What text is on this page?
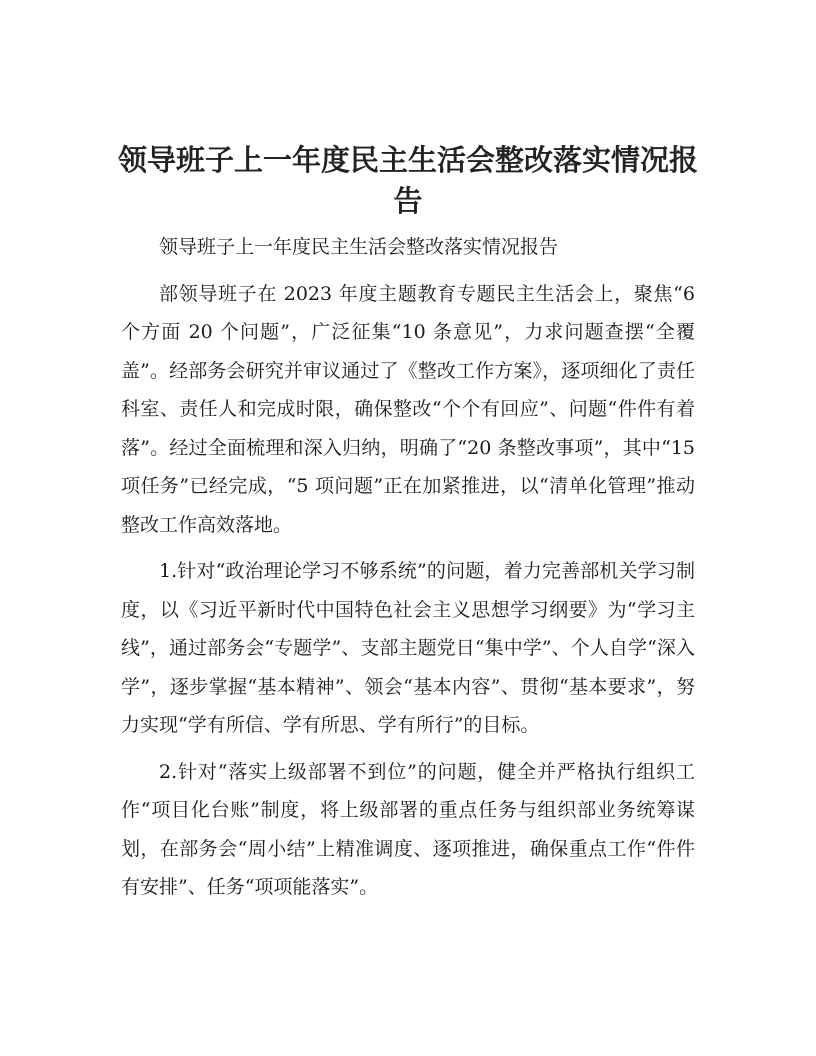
领导班子上一年度民主生活会整改落实情况报告

领导班子上一年度民主生活会整改落实情况报告

部领导班子在 2023 年度主题教育专题民主生活会上，聚焦“6 个方面 20 个问题”，广泛征集“10 条意见”，力求问题查摆“全覆盖”。经部务会研究并审议通过了《整改工作方案》，逐项细化了责任科室、责任人和完成时限，确保整改“个个有回应”、问题“件件有着落”。经过全面梳理和深入归纳，明确了“20 条整改事项”，其中“15 项任务”已经完成，“5 项问题”正在加紧推进，以“清单化管理”推动整改工作高效落地。

1.针对“政治理论学习不够系统”的问题，着力完善部机关学习制度，以《习近平新时代中国特色社会主义思想学习纲要》为“学习主线”，通过部务会“专题学”、支部主题党日“集中学”、个人自学“深入学”，逐步掌握“基本精神”、领会“基本内容”、贯彻“基本要求”，努力实现“学有所信、学有所思、学有所行”的目标。

2.针对“落实上级部署不到位”的问题，健全并严格执行组织工作“项目化台账”制度，将上级部署的重点任务与组织部业务统筹谋划，在部务会“周小结”上精准调度、逐项推进，确保重点工作“件件有安排”、任务“项项能落实”。
